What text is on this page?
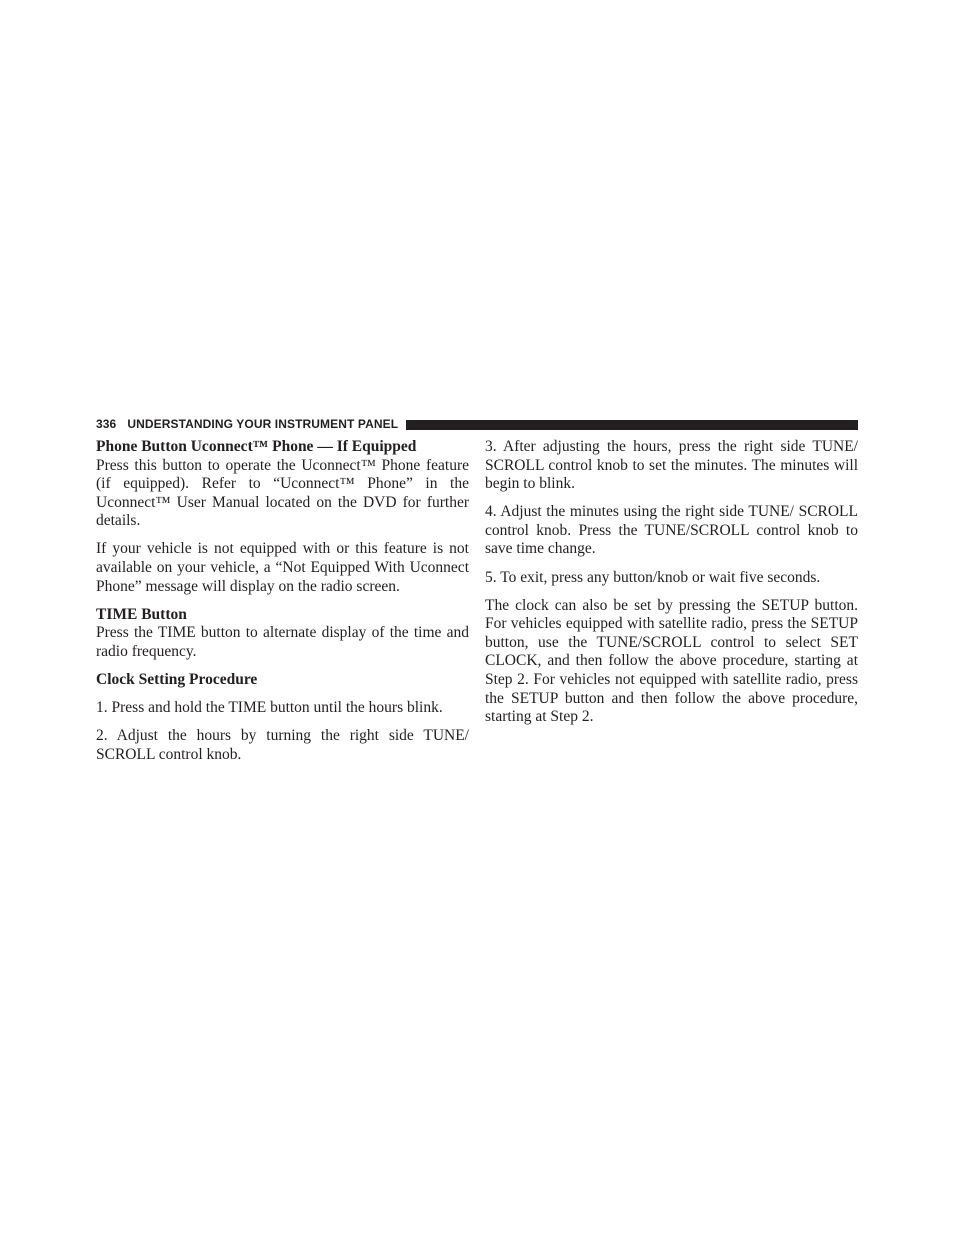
336 UNDERSTANDING YOUR INSTRUMENT PANEL
Phone Button Uconnect™ Phone — If Equipped

Press this button to operate the Uconnect™ Phone feature (if equipped). Refer to “Uconnect™ Phone” in the Uconnect™ User Manual located on the DVD for further details.

If your vehicle is not equipped with or this feature is not available on your vehicle, a “Not Equipped With Uconnect Phone” message will display on the radio screen.

TIME Button

Press the TIME button to alternate display of the time and radio frequency.

Clock Setting Procedure

1. Press and hold the TIME button until the hours blink.

2. Adjust the hours by turning the right side TUNE/ SCROLL control knob.

3. After adjusting the hours, press the right side TUNE/ SCROLL control knob to set the minutes. The minutes will begin to blink.

4. Adjust the minutes using the right side TUNE/ SCROLL control knob. Press the TUNE/SCROLL control knob to save time change.

5. To exit, press any button/knob or wait five seconds.

The clock can also be set by pressing the SETUP button. For vehicles equipped with satellite radio, press the SETUP button, use the TUNE/SCROLL control to select SET CLOCK, and then follow the above procedure, starting at Step 2. For vehicles not equipped with satellite radio, press the SETUP button and then follow the above procedure, starting at Step 2.
